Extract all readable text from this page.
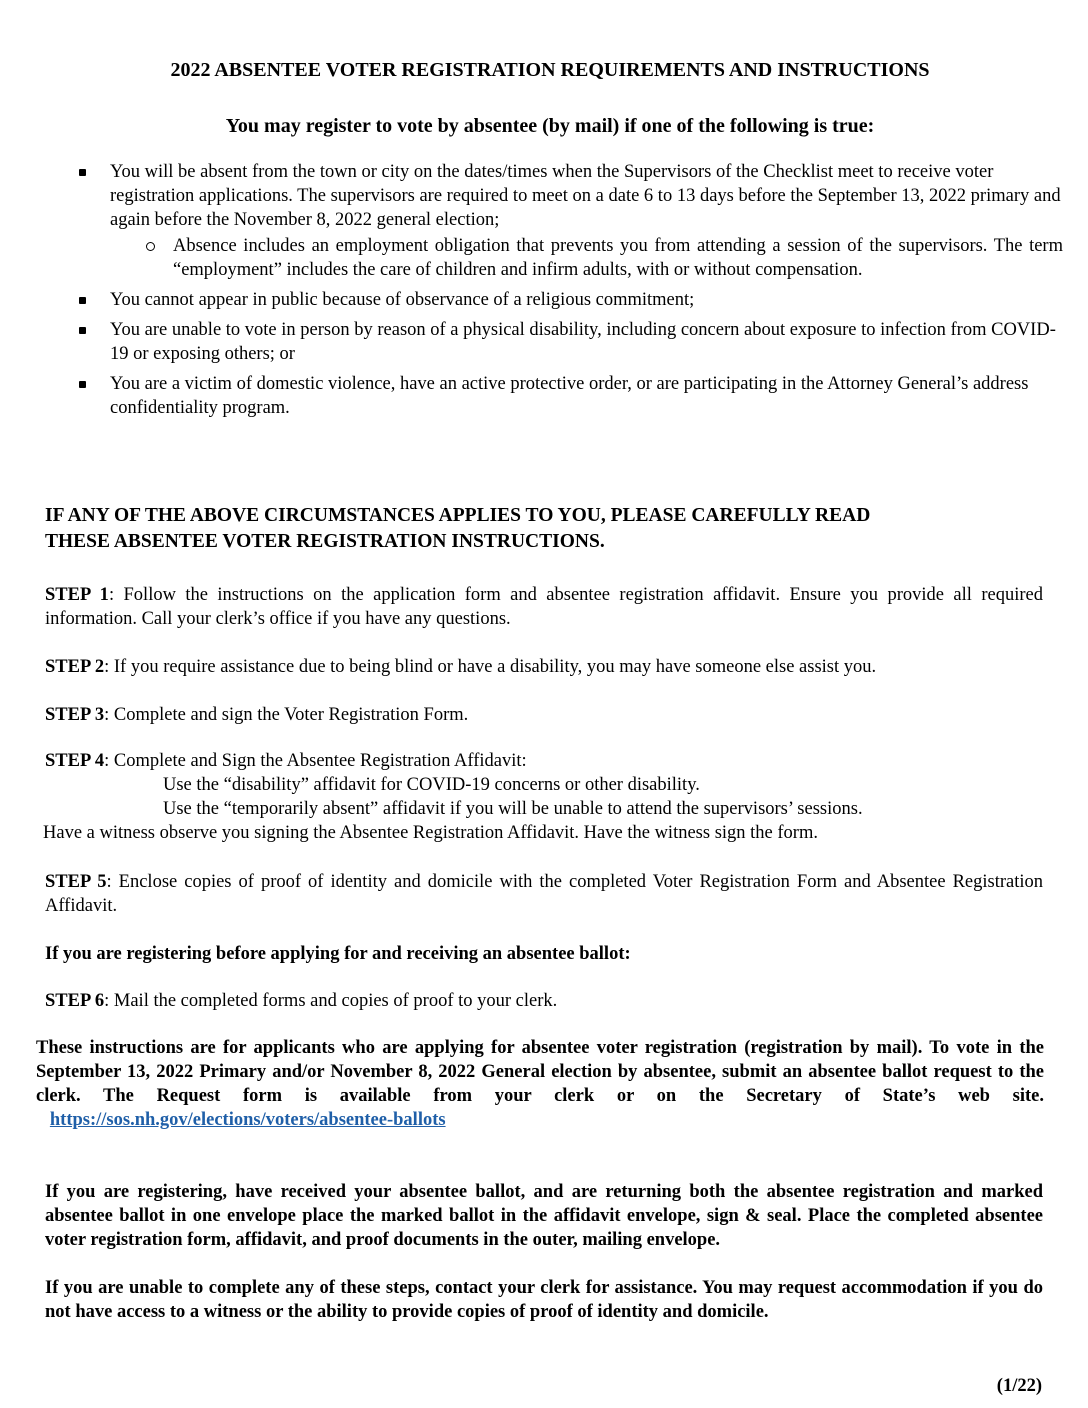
2022 ABSENTEE VOTER REGISTRATION REQUIREMENTS AND INSTRUCTIONS
You may register to vote by absentee (by mail) if one of the following is true:
You will be absent from the town or city on the dates/times when the Supervisors of the Checklist meet to receive voter registration applications. The supervisors are required to meet on a date 6 to 13 days before the September 13, 2022 primary and again before the November 8, 2022 general election;
Absence includes an employment obligation that prevents you from attending a session of the supervisors. The term “employment” includes the care of children and infirm adults, with or without compensation.
You cannot appear in public because of observance of a religious commitment;
You are unable to vote in person by reason of a physical disability, including concern about exposure to infection from COVID-19 or exposing others; or
You are a victim of domestic violence, have an active protective order, or are participating in the Attorney General’s address confidentiality program.
IF ANY OF THE ABOVE CIRCUMSTANCES APPLIES TO YOU, PLEASE CAREFULLY READ
THESE ABSENTEE VOTER REGISTRATION INSTRUCTIONS.
STEP 1: Follow the instructions on the application form and absentee registration affidavit. Ensure you provide all required information. Call your clerk’s office if you have any questions.
STEP 2: If you require assistance due to being blind or have a disability, you may have someone else assist you.
STEP 3: Complete and sign the Voter Registration Form.
STEP 4: Complete and Sign the Absentee Registration Affidavit:
Use the “disability” affidavit for COVID-19 concerns or other disability.
Use the “temporarily absent” affidavit if you will be unable to attend the supervisors’ sessions.
Have a witness observe you signing the Absentee Registration Affidavit. Have the witness sign the form.
STEP 5: Enclose copies of proof of identity and domicile with the completed Voter Registration Form and Absentee Registration Affidavit.
If you are registering before applying for and receiving an absentee ballot:
STEP 6: Mail the completed forms and copies of proof to your clerk.
These instructions are for applicants who are applying for absentee voter registration (registration by mail). To vote in the September 13, 2022 Primary and/or November 8, 2022 General election by absentee, submit an absentee ballot request to the clerk. The Request form is available from your clerk or on the Secretary of State’s web site.    https://sos.nh.gov/elections/voters/absentee-ballots
If you are registering, have received your absentee ballot, and are returning both the absentee registration and marked absentee ballot in one envelope place the marked ballot in the affidavit envelope, sign & seal. Place the completed absentee voter registration form, affidavit, and proof documents in the outer, mailing envelope.
If you are unable to complete any of these steps, contact your clerk for assistance. You may request accommodation if you do not have access to a witness or the ability to provide copies of proof of identity and domicile.
(1/22)
